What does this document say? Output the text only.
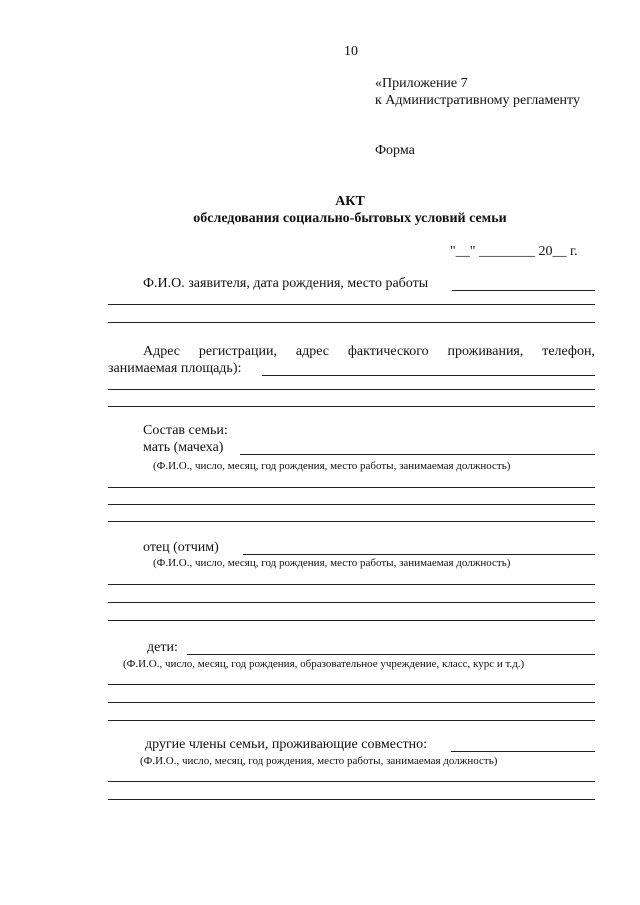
10
«Приложение 7
к Административному регламенту
Форма
АКТ
обследования социально-бытовых условий семьи
"__" ________ 20__ г.
Ф.И.О. заявителя, дата рождения, место работы
Адрес регистрации, адрес фактического проживания, телефон,
занимаемая площадь):
Состав семьи:
мать (мачеха)
(Ф.И.О., число, месяц, год рождения, место работы, занимаемая должность)
отец (отчим)
(Ф.И.О., число, месяц, год рождения, место работы, занимаемая должность)
дети:
(Ф.И.О., число, месяц, год рождения, образовательное учреждение, класс, курс и т.д.)
другие члены семьи, проживающие совместно:
(Ф.И.О., число, месяц, год рождения, место работы, занимаемая должность)
